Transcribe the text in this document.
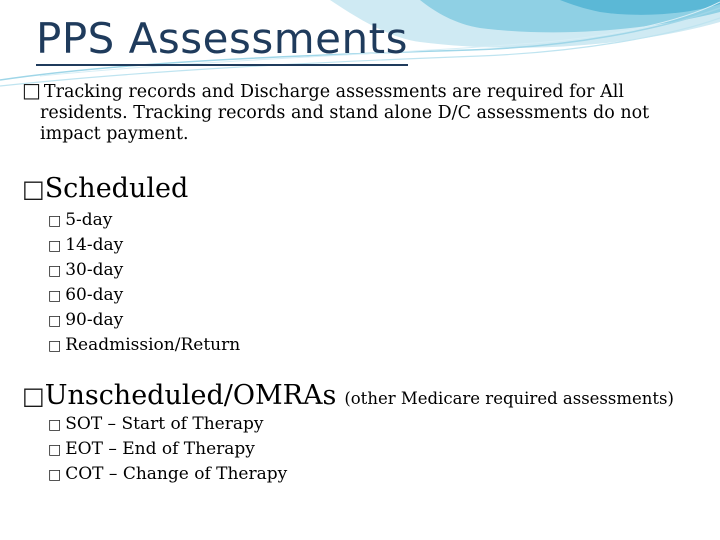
PPS Assessments
□ Tracking records and Discharge assessments are required for All
residents. Tracking records and stand alone D/C assessments do not
impact payment.
□Scheduled
□ 5-day
□ 14-day
□ 30-day
□ 60-day
□ 90-day
□ Readmission/Return
□Unscheduled/OMRAs (other Medicare required assessments)
□ SOT – Start of Therapy
□ EOT – End of Therapy
□ COT – Change of Therapy
